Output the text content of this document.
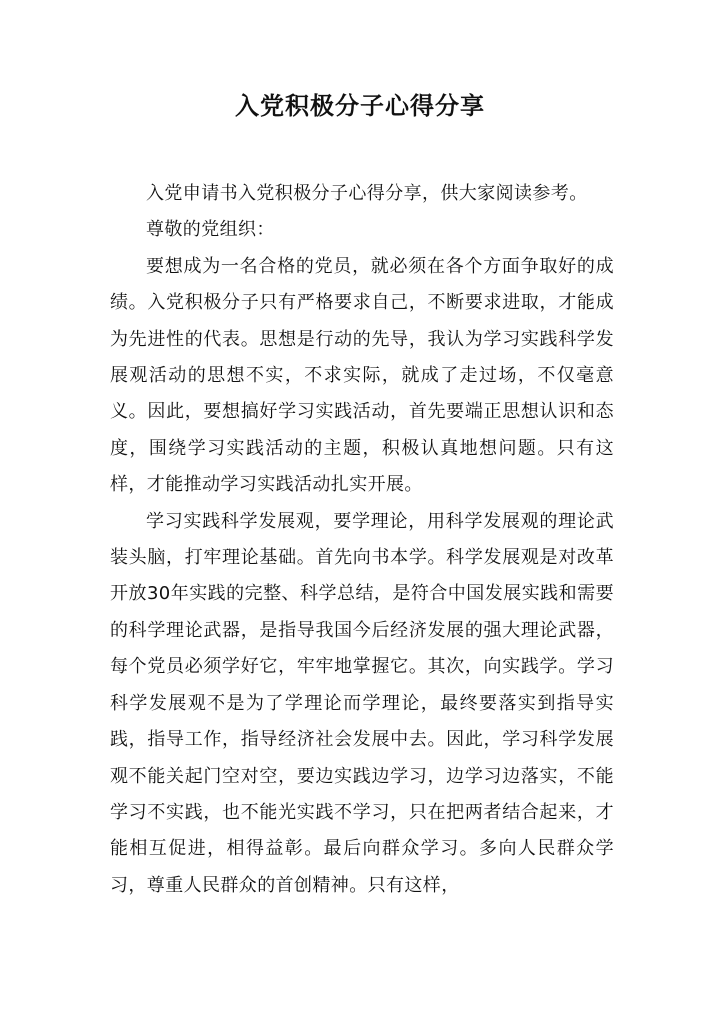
入党积极分子心得分享

入党申请书入党积极分子心得分享，供大家阅读参考。

尊敬的党组织：

要想成为一名合格的党员，就必须在各个方面争取好的成绩。入党积极分子只有严格要求自己，不断要求进取，才能成为先进性的代表。思想是行动的先导，我认为学习实践科学发展观活动的思想不实，不求实际，就成了走过场，不仅毫意义。因此，要想搞好学习实践活动，首先要端正思想认识和态度，围绕学习实践活动的主题，积极认真地想问题。只有这样，才能推动学习实践活动扎实开展。

学习实践科学发展观，要学理论，用科学发展观的理论武装头脑，打牢理论基础。首先向书本学。科学发展观是对改革开放30年实践的完整、科学总结，是符合中国发展实践和需要的科学理论武器，是指导我国今后经济发展的强大理论武器，每个党员必须学好它，牢牢地掌握它。其次，向实践学。学习科学发展观不是为了学理论而学理论，最终要落实到指导实践，指导工作，指导经济社会发展中去。因此，学习科学发展观不能关起门空对空，要边实践边学习，边学习边落实，不能学习不实践，也不能光实践不学习，只在把两者结合起来，才能相互促进，相得益彰。最后向群众学习。多向人民群众学习，尊重人民群众的首创精神。只有这样，
